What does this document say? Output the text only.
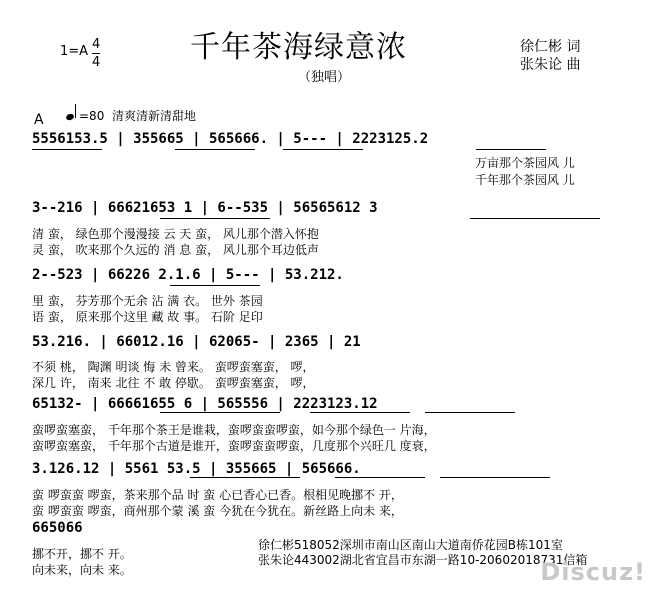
千年茶海绿意浓
（独唱）
1=A 4
4
徐仁彬 词
张朱论 曲
A	=80 清爽清新清甜地
5556153.5 | 355665 | 565666. | 5--- | 2223125.2
万亩那个茶园风 儿
千年那个茶园风 儿
3--216 | 66621653 1 | 6--535 | 56565612 3
清 蛮， 绿色那个漫漫接 云 天 蛮， 风儿那个潜入怀抱
灵 蛮， 吹来那个久远的 消 息 蛮， 风儿那个耳边低声
2--523 | 66226 2.1.6 | 5--- | 53.212.
里 蛮， 芬芳那个无余 沾 满 衣。 世外 茶园
语 蛮， 原来那个这里 藏 故 事。 石阶 足印
53.216. | 66012.16 | 62065- | 2365 | 21
不须 桃， 陶渊 明谈 悔 未 曾来。 蛮啰蛮塞蛮， 啰，
深几 许， 南来 北往 不 敢 停歇。 蛮啰蛮塞蛮， 啰，
65132- | 66661655 6 | 565556 | 2223123.12
蛮啰蛮塞蛮， 千年那个茶王是谁栽，蛮啰蛮蛮啰蛮，如今那个绿色一 片海，
蛮啰蛮塞蛮， 千年那个古道是谁开，蛮啰蛮蛮啰蛮，几度那个兴旺几 度衰，
3.126.12 | 5561 53.5 | 355665 | 565666.
蛮 啰蛮蛮 啰蛮，茶来那个品 时 蛮 心已香心已香。根相见晚挪不 开，
蛮 啰蛮蛮 啰蛮，商州那个蒙 溪 蛮 今犹在今犹在。新丝路上向未 来，
665066
挪不开，挪不 开。
向未来，向未 来。
徐仁彬518052深圳市南山区南山大道南侨花园B栋101室
张朱论443002湖北省宜昌市东湖一路10-20602018731信箱
Discuz!
